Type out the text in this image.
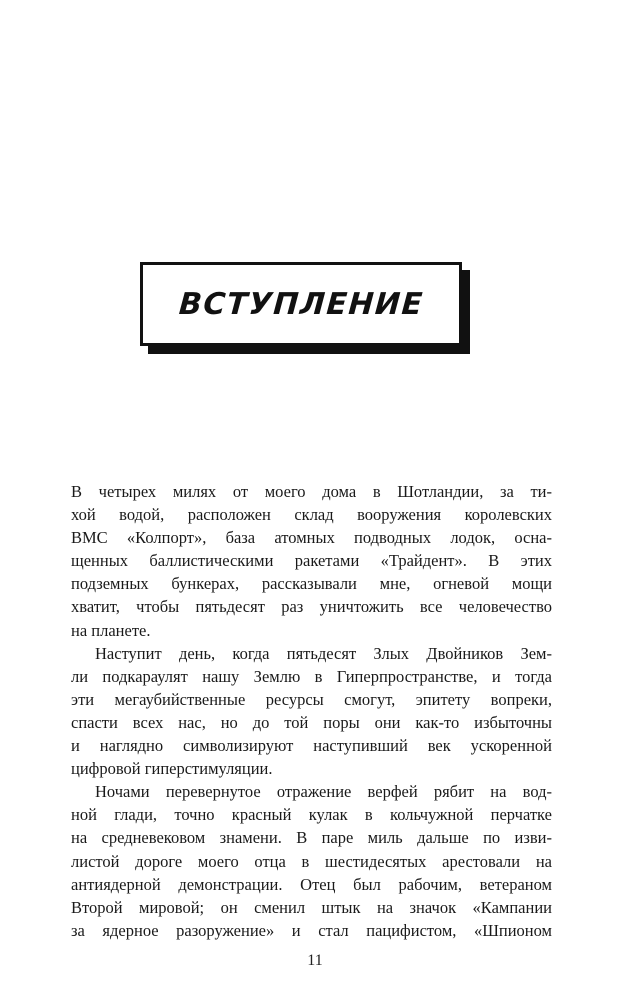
ВСТУПЛЕНИЕ
В четырех милях от моего дома в Шотландии, за ти-
хой водой, расположен склад вооружения королевских
ВМС «Колпорт», база атомных подводных лодок, осна-
щенных баллистическими ракетами «Трайдент». В этих
подземных бункерах, рассказывали мне, огневой мощи
хватит, чтобы пятьдесят раз уничтожить все человечество
на планете.
Наступит день, когда пятьдесят Злых Двойников Зем-
ли подкараулят нашу Землю в Гиперпространстве, и тогда
эти мегаубийственные ресурсы смогут, эпитету вопреки,
спасти всех нас, но до той поры они как-то избыточны
и наглядно символизируют наступивший век ускоренной
цифровой гиперстимуляции.
Ночами перевернутое отражение верфей рябит на вод-
ной глади, точно красный кулак в кольчужной перчатке
на средневековом знамени. В паре миль дальше по изви-
листой дороге моего отца в шестидесятых арестовали на
антиядерной демонстрации. Отец был рабочим, ветераном
Второй мировой; он сменил штык на значок «Кампании
за ядерное разоружение» и стал пацифистом, «Шпионом
11
